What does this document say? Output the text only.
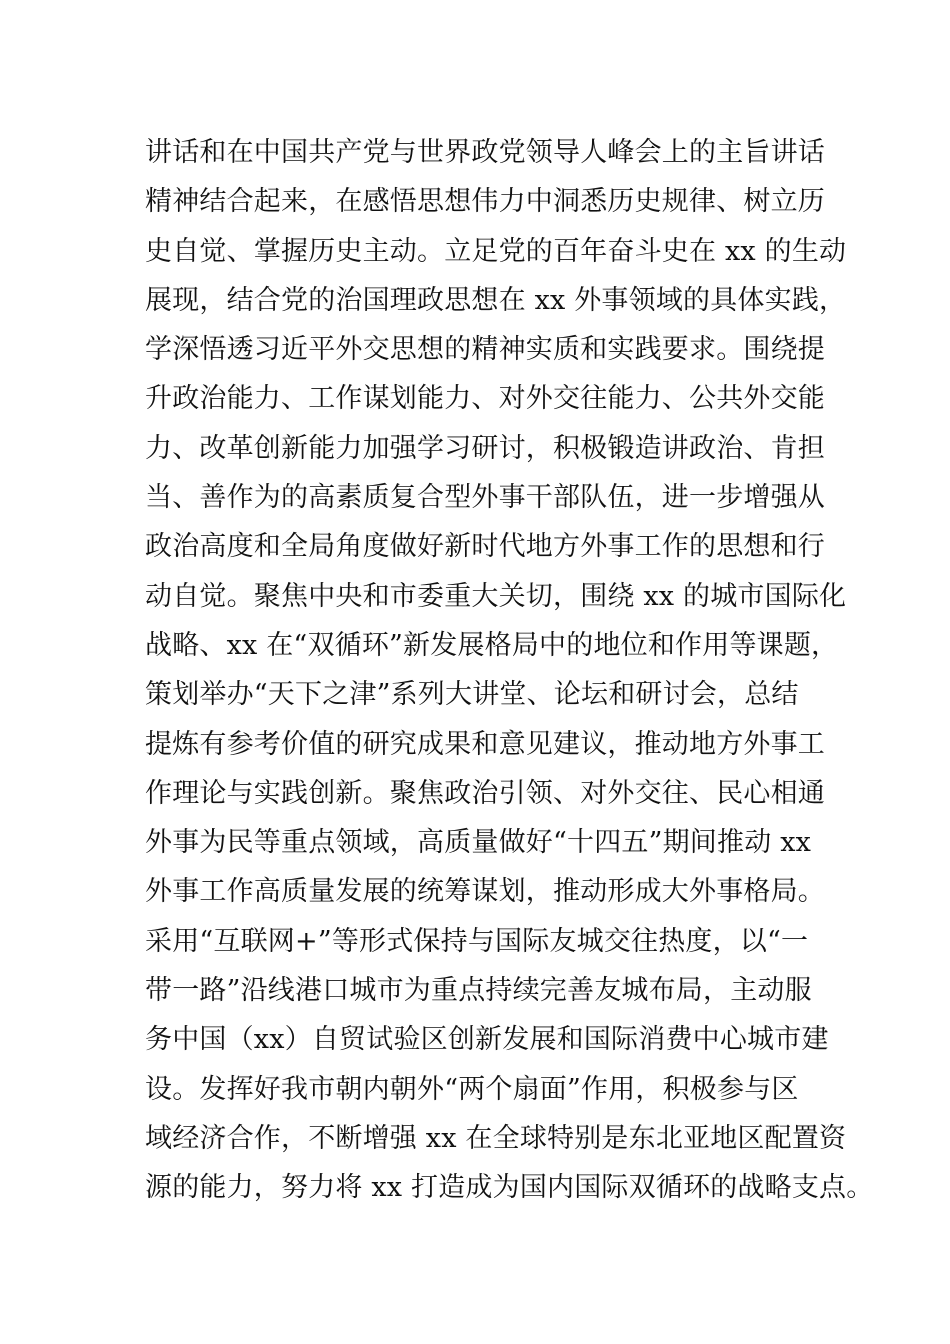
讲话和在中国共产党与世界政党领导人峰会上的主旨讲话
精神结合起来，在感悟思想伟力中洞悉历史规律、树立历
史自觉、掌握历史主动。立足党的百年奋斗史在 xx 的生动
展现，结合党的治国理政思想在 xx 外事领域的具体实践，
学深悟透习近平外交思想的精神实质和实践要求。围绕提
升政治能力、工作谋划能力、对外交往能力、公共外交能
力、改革创新能力加强学习研讨，积极锻造讲政治、肯担
当、善作为的高素质复合型外事干部队伍，进一步增强从
政治高度和全局角度做好新时代地方外事工作的思想和行
动自觉。聚焦中央和市委重大关切，围绕 xx 的城市国际化
战略、xx 在“双循环”新发展格局中的地位和作用等课题，
策划举办“天下之津”系列大讲堂、论坛和研讨会，总结
提炼有参考价值的研究成果和意见建议，推动地方外事工
作理论与实践创新。聚焦政治引领、对外交往、民心相通
外事为民等重点领域，高质量做好“十四五”期间推动 xx
外事工作高质量发展的统筹谋划，推动形成大外事格局。
采用“互联网+”等形式保持与国际友城交往热度，以“一
带一路”沿线港口城市为重点持续完善友城布局，主动服
务中国（xx）自贸试验区创新发展和国际消费中心城市建
设。发挥好我市朝内朝外“两个扇面”作用，积极参与区
域经济合作，不断增强 xx 在全球特别是东北亚地区配置资
源的能力，努力将 xx 打造成为国内国际双循环的战略支点。
